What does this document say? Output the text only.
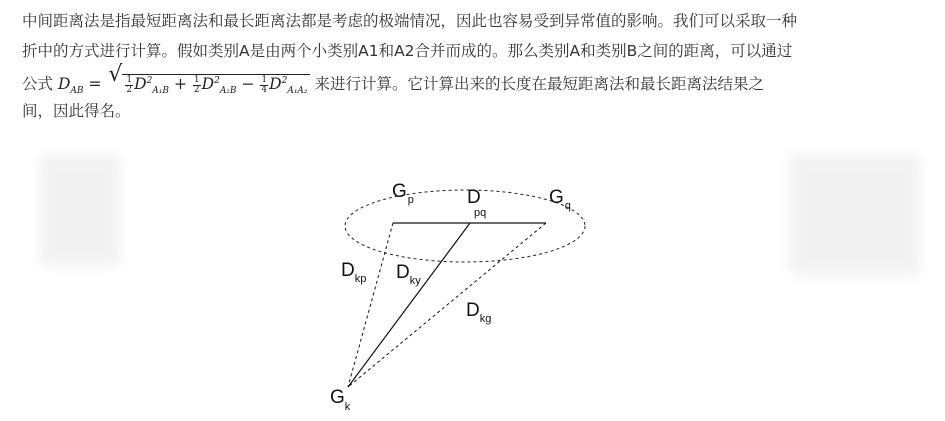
中间距离法是指最短距离法和最长距离法都是考虑的极端情况，因此也容易受到异常值的影响。我们可以采取一种
折中的方式进行计算。假如类别A是由两个小类别A1和A2合并而成的。那么类别A和类别B之间的距离，可以通过
公式 $D_{AB}$ = √ $\frac{1}{2} D^2_{A_1B} + \frac{1}{2} D^2_{A_2B} - \frac{1}{4} D^2_{A_1A_2}$ 来进行计算。它计算出来的长度在最短距离法和最长距离法结果之
间，因此得名。
$G_p$	D pq
$G_q$
$D_{kp}$ $D_{ky}$
$D_{kg}$
$G_k$
